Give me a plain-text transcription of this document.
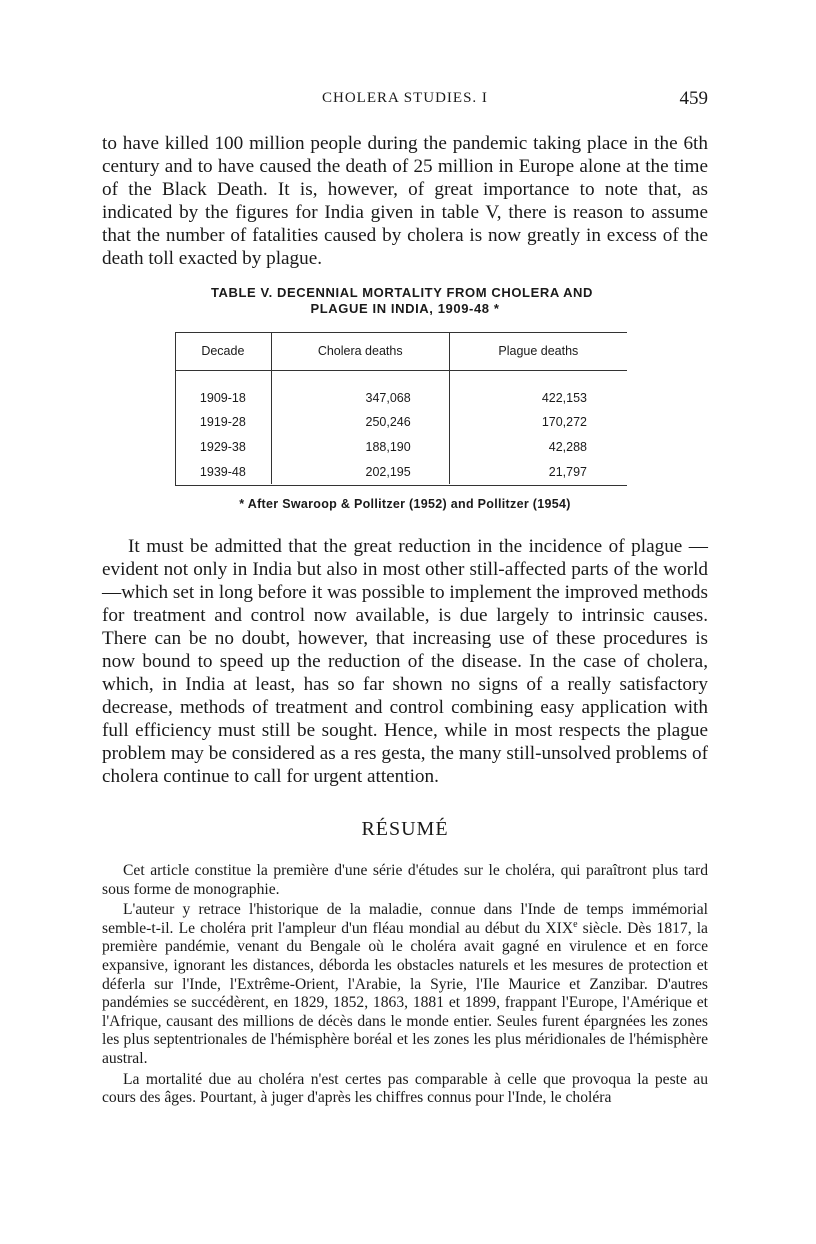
CHOLERA STUDIES. I	459

to have killed 100 million people during the pandemic taking place in the 6th century and to have caused the death of 25 million in Europe alone at the time of the Black Death. It is, however, of great importance to note that, as indicated by the figures for India given in table V, there is reason to assume that the number of fatalities caused by cholera is now greatly in excess of the death toll exacted by plague.

TABLE V. DECENNIAL MORTALITY FROM CHOLERA AND
PLAGUE IN INDIA, 1909-48 *
Decade	Cholera deaths	Plague deaths
1909-18	347,068	422,153
1919-28	250,246	170,272
1929-38	188,190	42,288
1939-48	202,195	21,797
* After Swaroop & Pollitzer (1952) and Pollitzer (1954)

It must be admitted that the great reduction in the incidence of plague —evident not only in India but also in most other still-affected parts of the world—which set in long before it was possible to implement the improved methods for treatment and control now available, is due largely to intrinsic causes. There can be no doubt, however, that increasing use of these procedures is now bound to speed up the reduction of the disease. In the case of cholera, which, in India at least, has so far shown no signs of a really satisfactory decrease, methods of treatment and control combining easy application with full efficiency must still be sought. Hence, while in most respects the plague problem may be considered as a res gesta, the many still-unsolved problems of cholera continue to call for urgent attention.

RÉSUMÉ

Cet article constitue la première d'une série d'études sur le choléra, qui paraîtront plus tard sous forme de monographie.

L'auteur y retrace l'historique de la maladie, connue dans l'Inde de temps immémorial semble-t-il. Le choléra prit l'ampleur d'un fléau mondial au début du XIXe siècle. Dès 1817, la première pandémie, venant du Bengale où le choléra avait gagné en virulence et en force expansive, ignorant les distances, déborda les obstacles naturels et les mesures de protection et déferla sur l'Inde, l'Extrême-Orient, l'Arabie, la Syrie, l'Ile Maurice et Zanzibar. D'autres pandémies se succédèrent, en 1829, 1852, 1863, 1881 et 1899, frappant l'Europe, l'Amérique et l'Afrique, causant des millions de décès dans le monde entier. Seules furent épargnées les zones les plus septentrionales de l'hémisphère boréal et les zones les plus méridionales de l'hémisphère austral.

La mortalité due au choléra n'est certes pas comparable à celle que provoqua la peste au cours des âges. Pourtant, à juger d'après les chiffres connus pour l'Inde, le choléra
